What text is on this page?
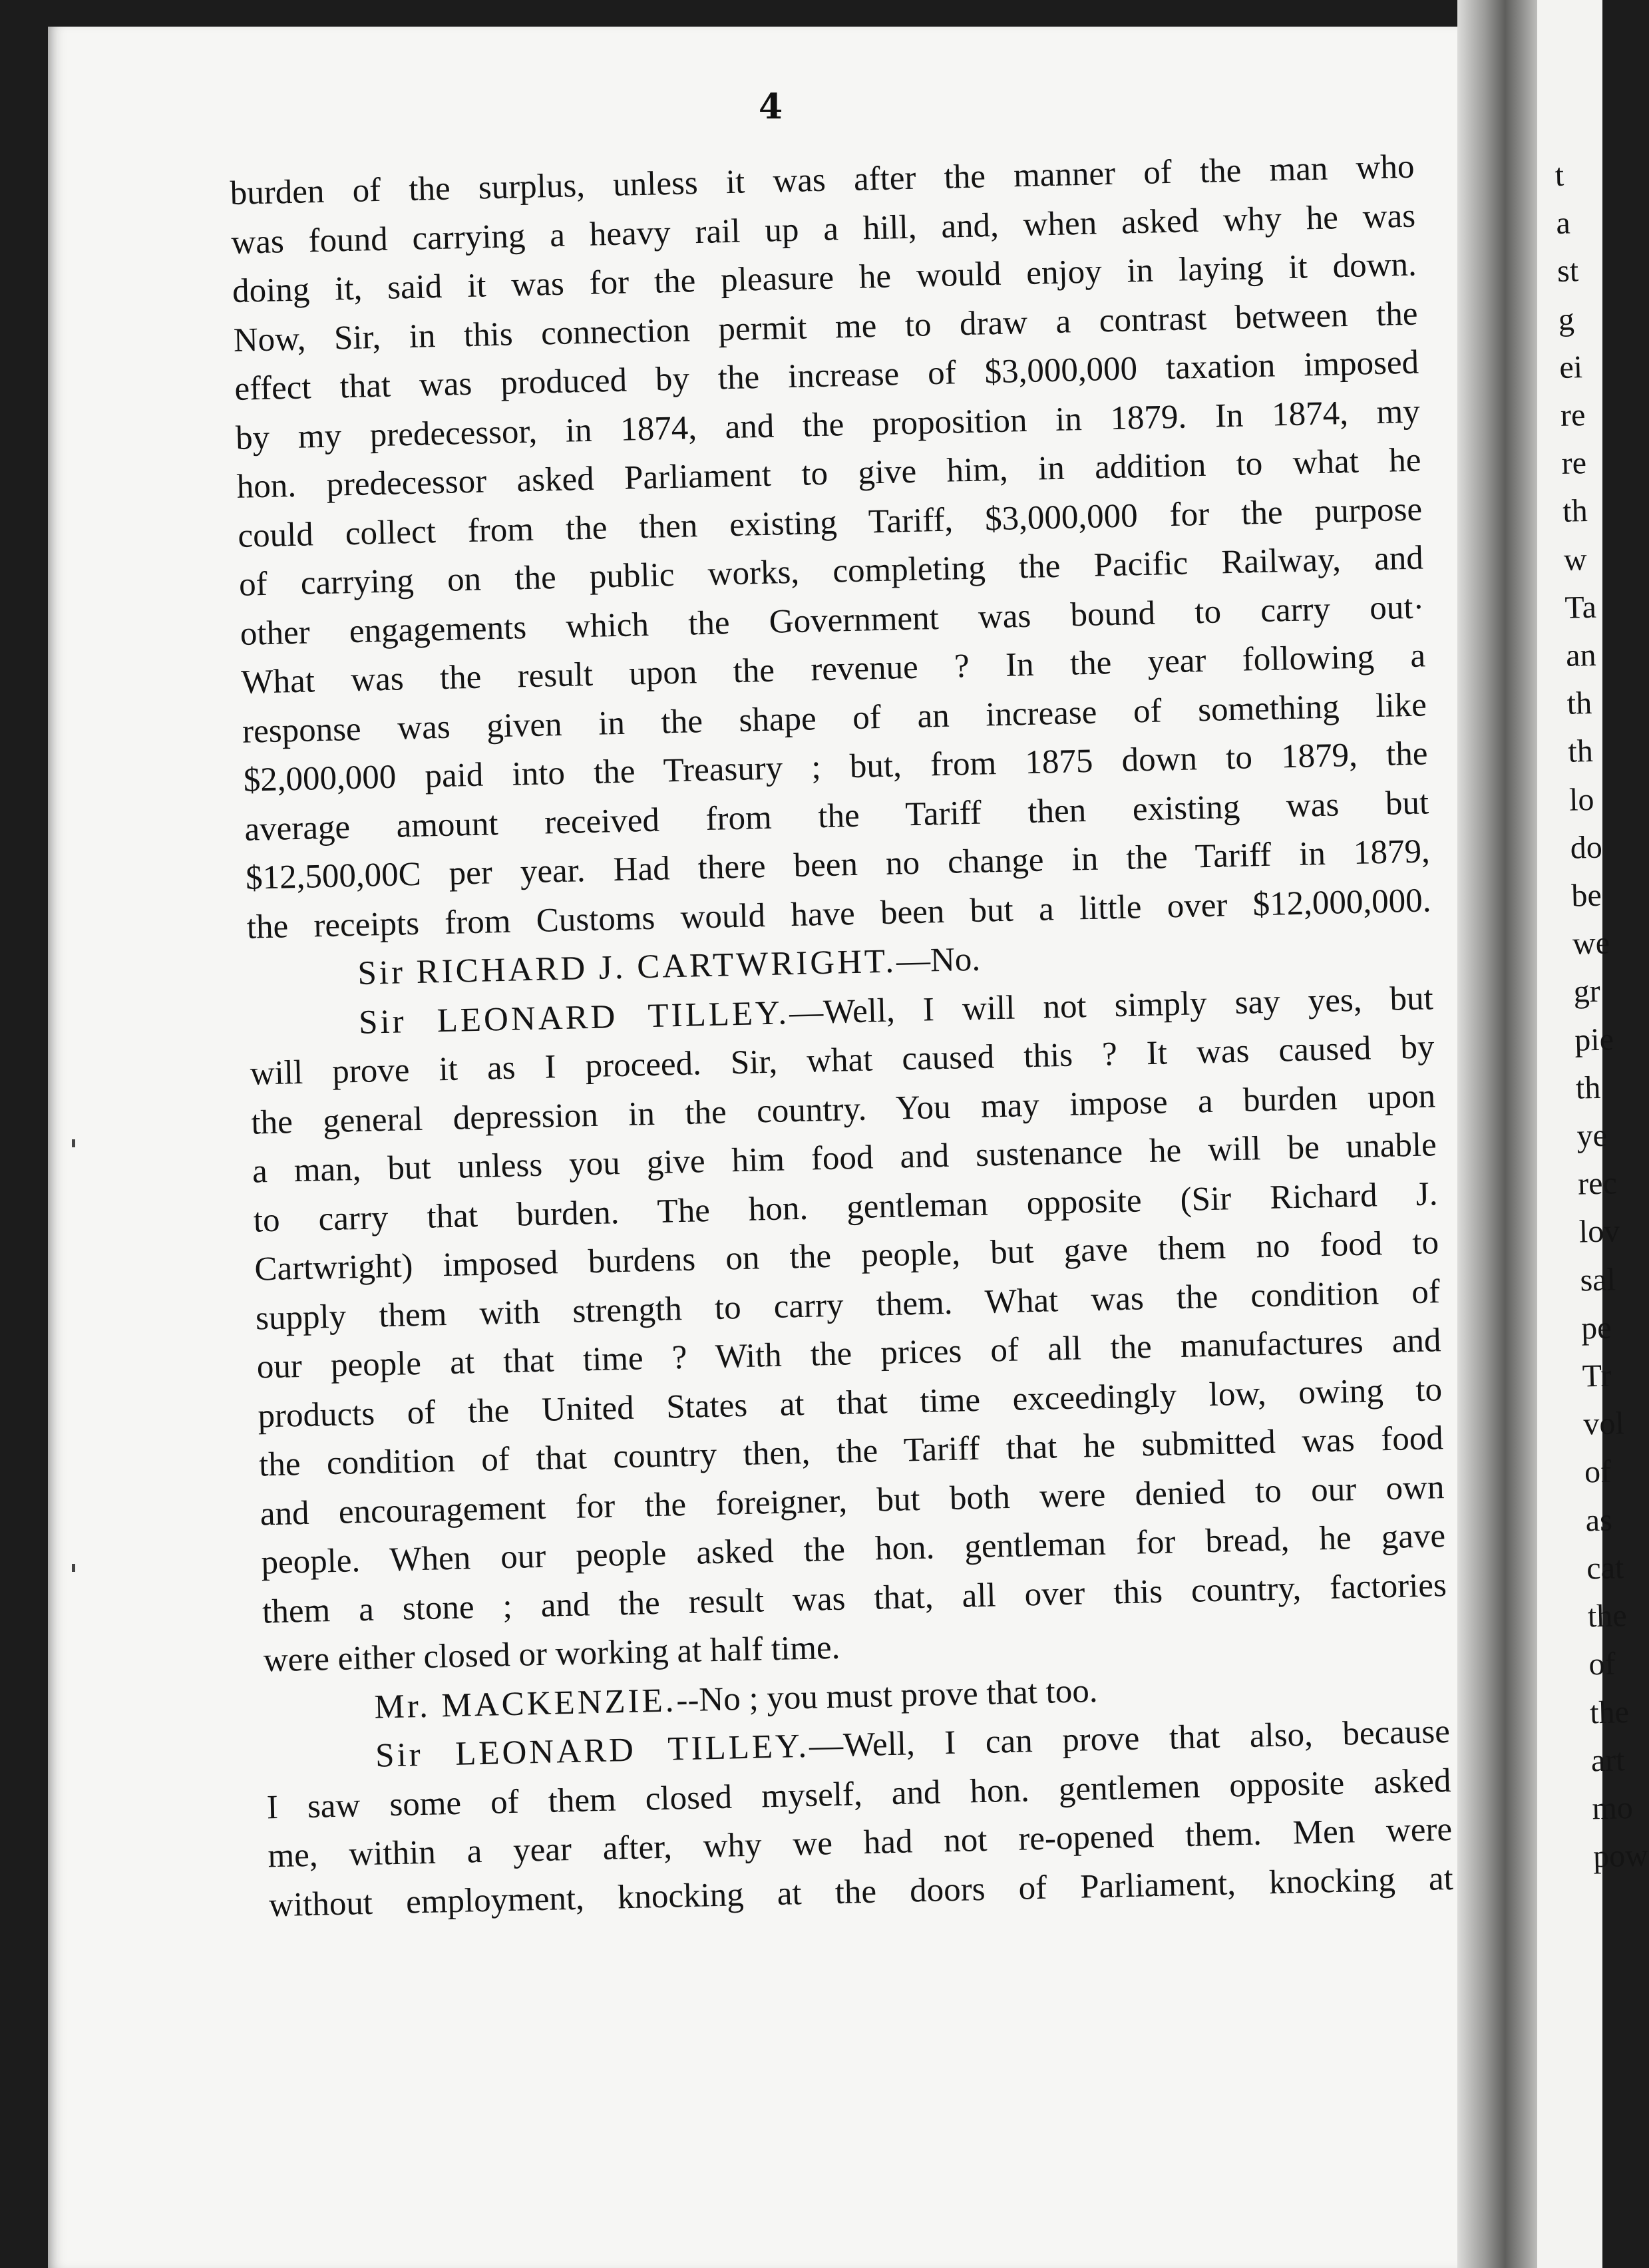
4
burden of the surplus, unless it was after the manner of the man who
was found carrying a heavy rail up a hill, and, when asked why he was
doing it, said it was for the pleasure he would enjoy in laying it down.
Now, Sir, in this connection permit me to draw a contrast between the
effect that was produced by the increase of $3,000,000 taxation imposed
by my predecessor, in 1874, and the proposition in 1879. In 1874, my
hon. predecessor asked Parliament to give him, in addition to what he
could collect from the then existing Tariff, $3,000,000 for the purpose
of carrying on the public works, completing the Pacific Railway, and
other engagements which the Government was bound to carry out·
What was the result upon the revenue ? In the year following a
response was given in the shape of an increase of something like
$2,000,000 paid into the Treasury ; but, from 1875 down to 1879, the
average amount received from the Tariff then existing was but
$12,500,00C per year. Had there been no change in the Tariff in 1879,
the receipts from Customs would have been but a little over $12,000,000.
Sir RICHARD J. CARTWRIGHT.—No.
Sir LEONARD TILLEY.—Well, I will not simply say yes, but
will prove it as I proceed. Sir, what caused this ? It was caused by
the general depression in the country. You may impose a burden upon
a man, but unless you give him food and sustenance he will be unable
to carry that burden. The hon. gentleman opposite (Sir Richard J.
Cartwright) imposed burdens on the people, but gave them no food to
supply them with strength to carry them. What was the condition of
our people at that time ? With the prices of all the manufactures and
products of the United States at that time exceedingly low, owing to
the condition of that country then, the Tariff that he submitted was food
and encouragement for the foreigner, but both were denied to our own
people. When our people asked the hon. gentleman for bread, he gave
them a stone ; and the result was that, all over this country, factories
were either closed or working at half time.
Mr. MACKENZIE.--No ; you must prove that too.
Sir LEONARD TILLEY.—Well, I can prove that also, because
I saw some of them closed myself, and hon. gentlemen opposite asked
me, within a year after, why we had not re-opened them. Men were
without employment, knocking at the doors of Parliament, knocking at
t
a
st
g
ei
re
re
th
w
Ta
an
th
th
lo
do
be
we
gr
pie
th
ye
rec
lov
sal
pe
Tr
vol
of
as
cat
the
of
the
art
mo
pow
